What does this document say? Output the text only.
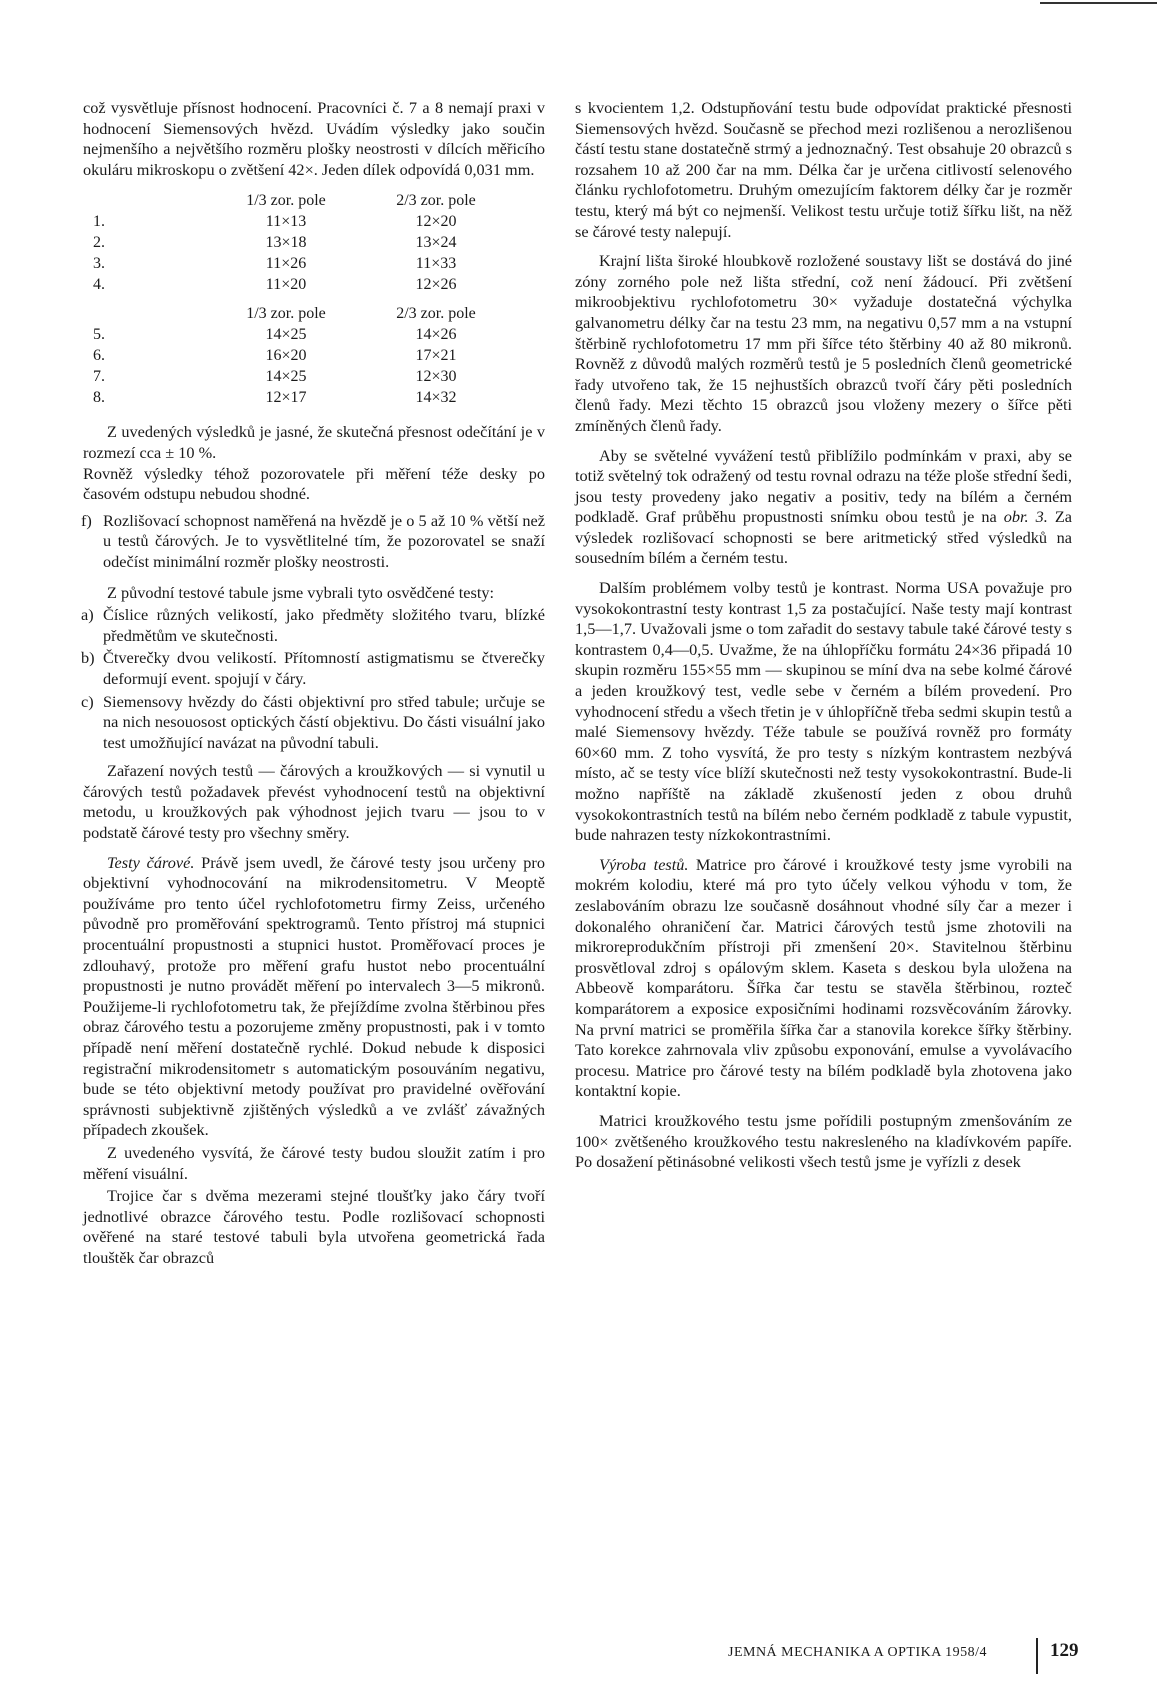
což vysvětluje přísnost hodnocení. Pracovníci č. 7 a 8 nemají praxi v hodnocení Siemensových hvězd. Uvádím výsledky jako součin nejmenšího a největšího rozměru plošky neostrosti v dílcích měřicího okuláru mikroskopu o zvětšení 42×. Jeden dílek odpovídá 0,031 mm.

	1/3 zor. pole	2/3 zor. pole
1.	11×13	12×20
2.	13×18	13×24
3.	11×26	11×33
4.	11×20	12×26

	1/3 zor. pole	2/3 zor. pole
5.	14×25	14×26
6.	16×20	17×21
7.	14×25	12×30
8.	12×17	14×32

Z uvedených výsledků je jasné, že skutečná přesnost odečítání je v rozmezí cca ± 10 %.

Rovněž výsledky téhož pozorovatele při měření téže desky po časovém odstupu nebudou shodné.

f) Rozlišovací schopnost naměřená na hvězdě je o 5 až 10 % větší než u testů čárových. Je to vysvětlitelné tím, že pozorovatel se snaží odečíst minimální rozměr plošky neostrosti.

Z původní testové tabule jsme vybrali tyto osvědčené testy:

a) Číslice různých velikostí, jako předměty složitého tvaru, blízké předmětům ve skutečnosti.
b) Čtverečky dvou velikostí. Přítomností astigmatismu se čtverečky deformují event. spojují v čáry.
c) Siemensovy hvězdy do části objektivní pro střed tabule; určuje se na nich nesouosost optických částí objektivu. Do části visuální jako test umožňující navázat na původní tabuli.

Zařazení nových testů — čárových a kroužkových — si vynutil u čárových testů požadavek převést vyhodnocení testů na objektivní metodu, u kroužkových pak výhodnost jejich tvaru — jsou to v podstatě čárové testy pro všechny směry.

Testy čárové. Právě jsem uvedl, že čárové testy jsou určeny pro objektivní vyhodnocování na mikrodensitometru. V Meoptě používáme pro tento účel rychlofotometru firmy Zeiss, určeného původně pro proměřování spektrogramů. Tento přístroj má stupnici procentuální propustnosti a stupnici hustot. Proměřovací proces je zdlouhavý, protože pro měření grafu hustot nebo procentuální propustnosti je nutno provádět měření po intervalech 3—5 mikronů. Použijeme-li rychlofotometru tak, že přejíždíme zvolna štěrbinou přes obraz čárového testu a pozorujeme změny propustnosti, pak i v tomto případě není měření dostatečně rychlé. Dokud nebude k disposici registrační mikrodensitometr s automatickým posouváním negativu, bude se této objektivní metody používat pro pravidelné ověřování správnosti subjektivně zjištěných výsledků a ve zvlášť závažných případech zkoušek.

Z uvedeného vysvítá, že čárové testy budou sloužit zatím i pro měření visuální.

Trojice čar s dvěma mezerami stejné tloušťky jako čáry tvoří jednotlivé obrazce čárového testu. Podle rozlišovací schopnosti ověřené na staré testové tabuli byla utvořena geometrická řada tlouštěk čar obrazců

s kvocientem 1,2. Odstupňování testu bude odpovídat praktické přesnosti Siemensových hvězd. Současně se přechod mezi rozlišenou a nerozlišenou částí testu stane dostatečně strmý a jednoznačný. Test obsahuje 20 obrazců s rozsahem 10 až 200 čar na mm. Délka čar je určena citlivostí selenového článku rychlofotometru. Druhým omezujícím faktorem délky čar je rozměr testu, který má být co nejmenší. Velikost testu určuje totiž šířku lišt, na něž se čárové testy nalepují.

Krajní lišta široké hloubkově rozložené soustavy lišt se dostává do jiné zóny zorného pole než lišta střední, což není žádoucí. Při zvětšení mikroobjektivu rychlofotometru 30× vyžaduje dostatečná výchylka galvanometru délky čar na testu 23 mm, na negativu 0,57 mm a na vstupní štěrbině rychlofotometru 17 mm při šířce této štěrbiny 40 až 80 mikronů. Rovněž z důvodů malých rozměrů testů je 5 posledních členů geometrické řady utvořeno tak, že 15 nejhustších obrazců tvoří čáry pěti posledních členů řady. Mezi těchto 15 obrazců jsou vloženy mezery o šířce pěti zmíněných členů řady.

Aby se světelné vyvážení testů přiblížilo podmínkám v praxi, aby se totiž světelný tok odražený od testu rovnal odrazu na téže ploše střední šedi, jsou testy provedeny jako negativ a positiv, tedy na bílém a černém podkladě. Graf průběhu propustnosti snímku obou testů je na obr. 3. Za výsledek rozlišovací schopnosti se bere aritmetický střed výsledků na sousedním bílém a černém testu.

Dalším problémem volby testů je kontrast. Norma USA považuje pro vysokokontrastní testy kontrast 1,5 za postačující. Naše testy mají kontrast 1,5—1,7. Uvažovali jsme o tom zařadit do sestavy tabule také čárové testy s kontrastem 0,4—0,5. Uvažme, že na úhlopříčku formátu 24×36 připadá 10 skupin rozměru 155×55 mm — skupinou se míní dva na sebe kolmé čárové a jeden kroužkový test, vedle sebe v černém a bílém provedení. Pro vyhodnocení středu a všech třetin je v úhlopříčně třeba sedmi skupin testů a malé Siemensovy hvězdy. Téže tabule se používá rovněž pro formáty 60×60 mm. Z toho vysvítá, že pro testy s nízkým kontrastem nezbývá místo, ač se testy více blíží skutečnosti než testy vysokokontrastní. Bude-li možno napříště na základě zkušeností jeden z obou druhů vysokokontrastních testů na bílém nebo černém podkladě z tabule vypustit, bude nahrazen testy nízkokontrastními.

Výroba testů. Matrice pro čárové i kroužkové testy jsme vyrobili na mokrém kolodiu, které má pro tyto účely velkou výhodu v tom, že zeslabováním obrazu lze současně dosáhnout vhodné síly čar a mezer i dokonalého ohraničení čar. Matrici čárových testů jsme zhotovili na mikroreprodukčním přístroji při zmenšení 20×. Stavitelnou štěrbinu prosvětloval zdroj s opálovým sklem. Kaseta s deskou byla uložena na Abbeově komparátoru. Šířka čar testu se stavěla štěrbinou, rozteč komparátorem a exposice exposičními hodinami rozsvěcováním žárovky. Na první matrici se proměřila šířka čar a stanovila korekce šířky štěrbiny. Tato korekce zahrnovala vliv způsobu exponování, emulse a vyvolávacího procesu. Matrice pro čárové testy na bílém podkladě byla zhotovena jako kontaktní kopie.

Matrici kroužkového testu jsme pořídili postupným zmenšováním ze 100× zvětšeného kroužkového testu nakresleného na kladívkovém papíře. Po dosažení pětinásobné velikosti všech testů jsme je vyřízli z desek

JEMNÁ MECHANIKA A OPTIKA 1958/4	129
